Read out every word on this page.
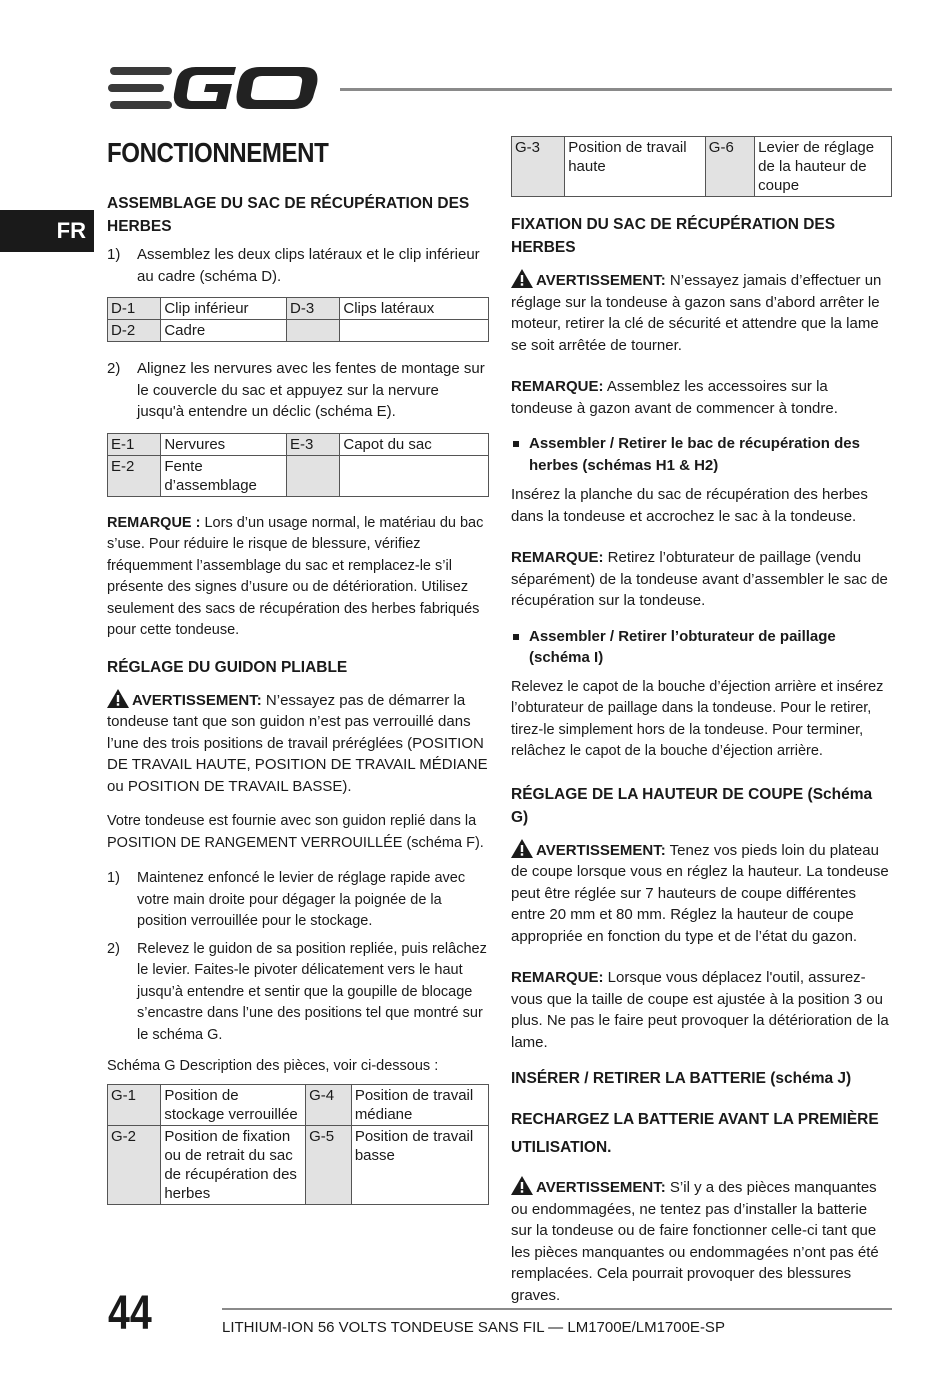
FR
FONCTIONNEMENT
ASSEMBLAGE DU SAC DE RÉCUPÉRATION DES HERBES
1) Assemblez les deux clips latéraux et le clip inférieur au cadre (schéma D).
D-1	Clip inférieur	D-3	Clips latéraux
D-2	Cadre		
2) Alignez les nervures avec les fentes de montage sur le couvercle du sac et appuyez sur la nervure jusqu'à entendre un déclic (schéma E).
E-1	Nervures	E-3	Capot du sac
E-2	Fente d’assemblage		

REMARQUE : Lors d’un usage normal, le matériau du bac s’use. Pour réduire le risque de blessure, vérifiez fréquemment l’assemblage du sac et remplacez-le s’il présente des signes d’usure ou de détérioration. Utilisez seulement des sacs de récupération des herbes fabriqués pour cette tondeuse.

RÉGLAGE DU GUIDON PLIABLE

AVERTISSEMENT: N’essayez pas de démarrer la tondeuse tant que son guidon n’est pas verrouillé dans l’une des trois positions de travail préréglées (POSITION DE TRAVAIL HAUTE, POSITION DE TRAVAIL MÉDIANE ou POSITION DE TRAVAIL BASSE).

Votre tondeuse est fournie avec son guidon replié dans la POSITION DE RANGEMENT VERROUILLÉE (schéma F).

1) Maintenez enfoncé le levier de réglage rapide avec votre main droite pour dégager la poignée de la position verrouillée pour le stockage.
2) Relevez le guidon de sa position repliée, puis relâchez le levier. Faites-le pivoter délicatement vers le haut jusqu’à entendre et sentir que la goupille de blocage s’encastre dans l’une des positions tel que montré sur le schéma G.

Schéma G Description des pièces, voir ci-dessous :

G-1	Position de stockage verrouillée	G-4	Position de travail médiane
G-2	Position de fixation ou de retrait du sac de récupération des herbes	G-5	Position de travail basse
G-3	Position de travail haute	G-6	Levier de réglage de la hauteur de coupe
FIXATION DU SAC DE RÉCUPÉRATION DES HERBES

AVERTISSEMENT: N’essayez jamais d’effectuer un réglage sur la tondeuse à gazon sans d’abord arrêter le moteur, retirer la clé de sécurité et attendre que la lame se soit arrêtée de tourner.

REMARQUE: Assemblez les accessoires sur la tondeuse à gazon avant de commencer à tondre.

Assembler / Retirer le bac de récupération des herbes (schémas H1 & H2)

Insérez la planche du sac de récupération des herbes dans la tondeuse et accrochez le sac à la tondeuse.

REMARQUE: Retirez l’obturateur de paillage (vendu séparément) de la tondeuse avant d’assembler le sac de récupération sur la tondeuse.

Assembler / Retirer l’obturateur de paillage (schéma I)

Relevez le capot de la bouche d’éjection arrière et insérez l’obturateur de paillage dans la tondeuse. Pour le retirer, tirez-le simplement hors de la tondeuse. Pour terminer, relâchez le capot de la bouche d’éjection arrière.

RÉGLAGE DE LA HAUTEUR DE COUPE (Schéma G)

AVERTISSEMENT: Tenez vos pieds loin du plateau de coupe lorsque vous en réglez la hauteur. La tondeuse peut être réglée sur 7 hauteurs de coupe différentes entre 20 mm et 80 mm. Réglez la hauteur de coupe appropriée en fonction du type et de l’état du gazon.

REMARQUE: Lorsque vous déplacez l'outil, assurez-vous que la taille de coupe est ajustée à la position 3 ou plus. Ne pas le faire peut provoquer la détérioration de la lame.

INSÉRER / RETIRER LA BATTERIE (schéma J)
RECHARGEZ LA BATTERIE AVANT LA PREMIÈRE UTILISATION.

AVERTISSEMENT: S’il y a des pièces manquantes ou endommagées, ne tentez pas d’installer la batterie sur la tondeuse ou de faire fonctionner celle-ci tant que les pièces manquantes ou endommagées n’ont pas été remplacées. Cela pourrait provoquer des blessures graves.

44	LITHIUM-ION 56 VOLTS TONDEUSE SANS FIL — LM1700E/LM1700E-SP
